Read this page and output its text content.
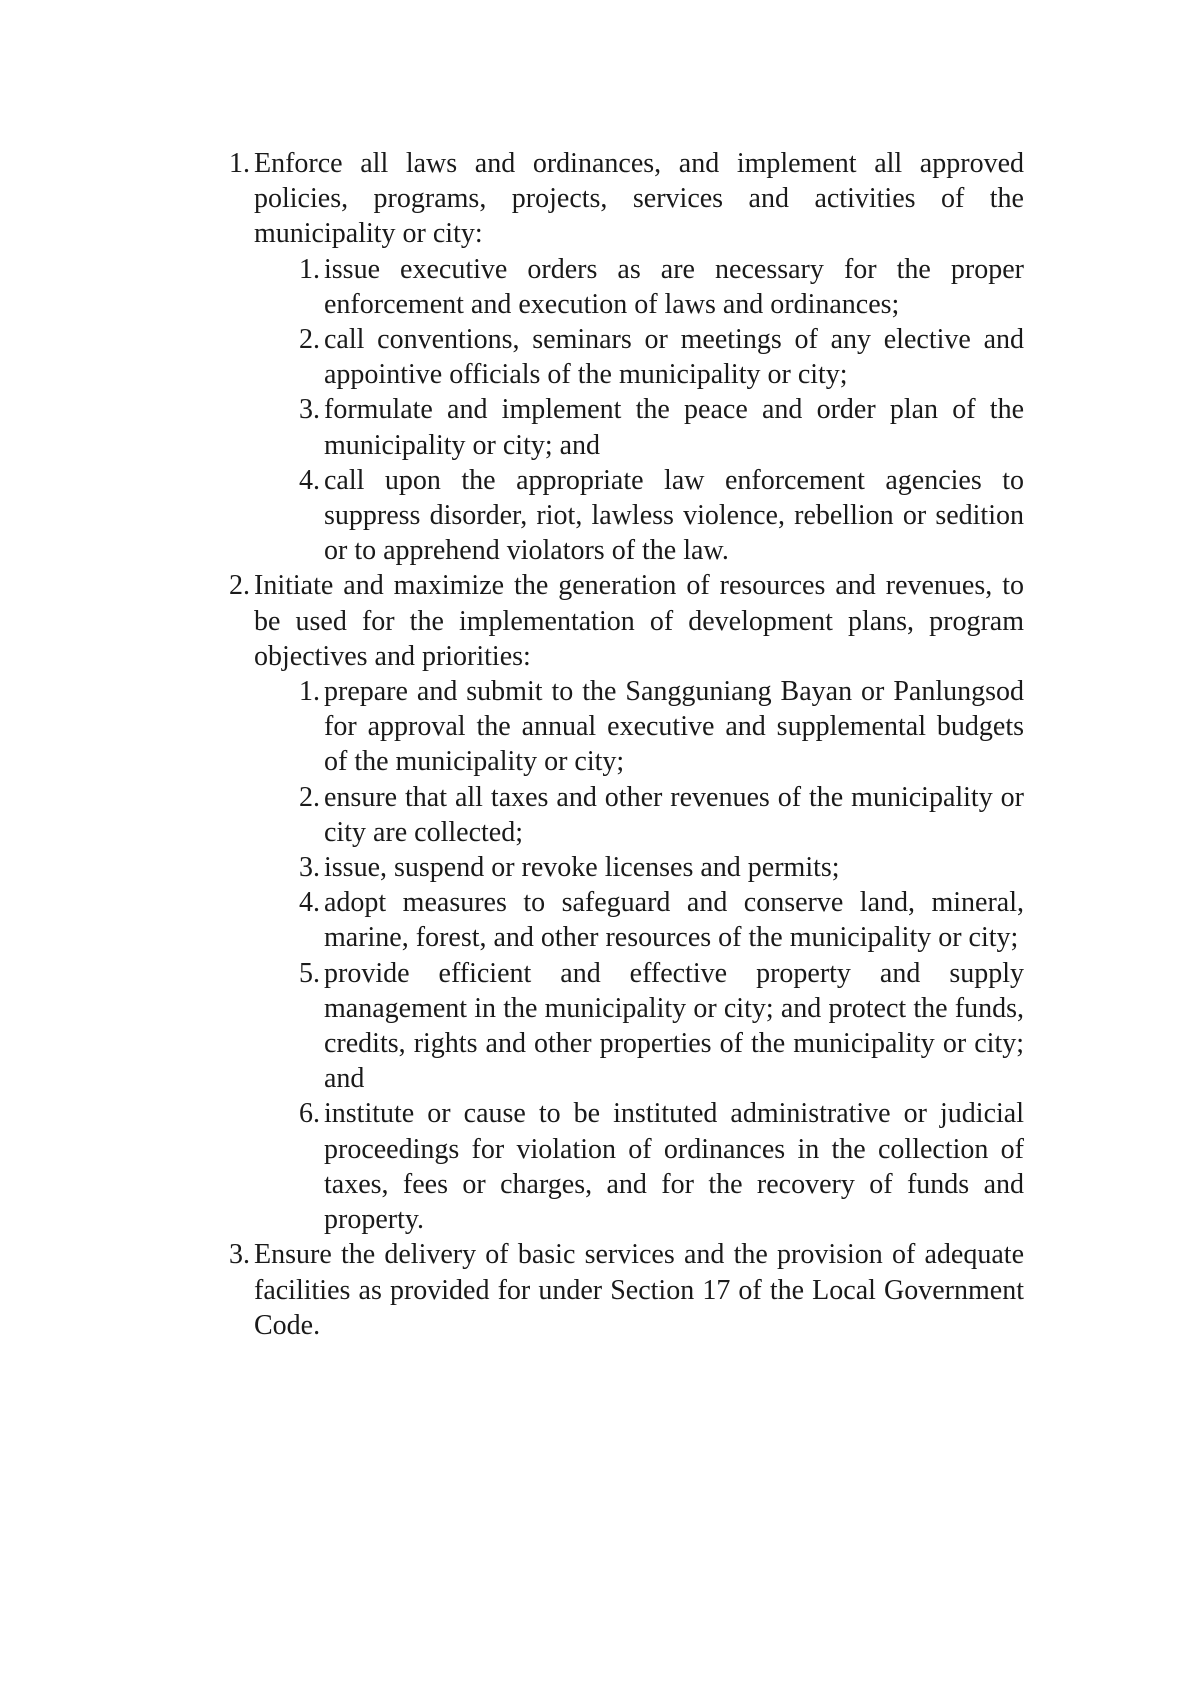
1. Enforce all laws and ordinances, and implement all approved policies, programs, projects, services and activities of the municipality or city:
1. issue executive orders as are necessary for the proper enforcement and execution of laws and ordinances;
2. call conventions, seminars or meetings of any elective and appointive officials of the municipality or city;
3. formulate and implement the peace and order plan of the municipality or city; and
4. call upon the appropriate law enforcement agencies to suppress disorder, riot, lawless violence, rebellion or sedition or to apprehend violators of the law.
2. Initiate and maximize the generation of resources and revenues, to be used for the implementation of development plans, program objectives and priorities:
1. prepare and submit to the Sangguniang Bayan or Panlungsod for approval the annual executive and supplemental budgets of the municipality or city;
2. ensure that all taxes and other revenues of the municipality or city are collected;
3. issue, suspend or revoke licenses and permits;
4. adopt measures to safeguard and conserve land, mineral, marine, forest, and other resources of the municipality or city;
5. provide efficient and effective property and supply management in the municipality or city; and protect the funds, credits, rights and other properties of the municipality or city; and
6. institute or cause to be instituted administrative or judicial proceedings for violation of ordinances in the collection of taxes, fees or charges, and for the recovery of funds and property.
3. Ensure the delivery of basic services and the provision of adequate facilities as provided for under Section 17 of the Local Government Code.
